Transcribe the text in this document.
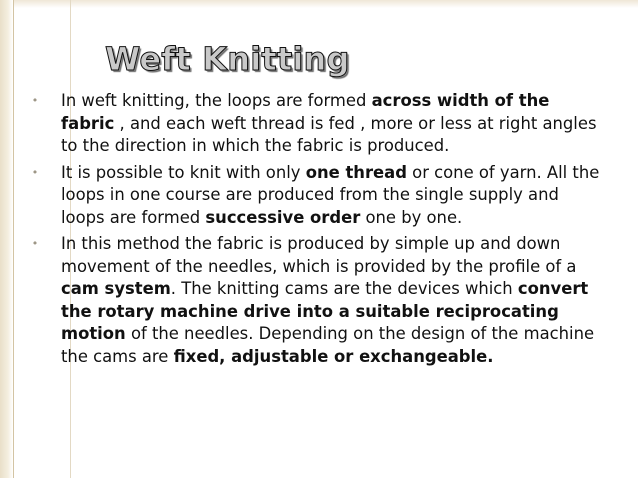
Weft Knitting
• In weft knitting, the loops are formed across width of the fabric , and each weft thread is fed , more or less at right angles to the direction in which the fabric is produced.
• It is possible to knit with only one thread or cone of yarn. All the loops in one course are produced from the single supply and loops are formed successive order one by one.
• In this method the fabric is produced by simple up and down movement of the needles, which is provided by the profile of a cam system. The knitting cams are the devices which convert the rotary machine drive into a suitable reciprocating motion of the needles. Depending on the design of the machine the cams are fixed, adjustable or exchangeable.
